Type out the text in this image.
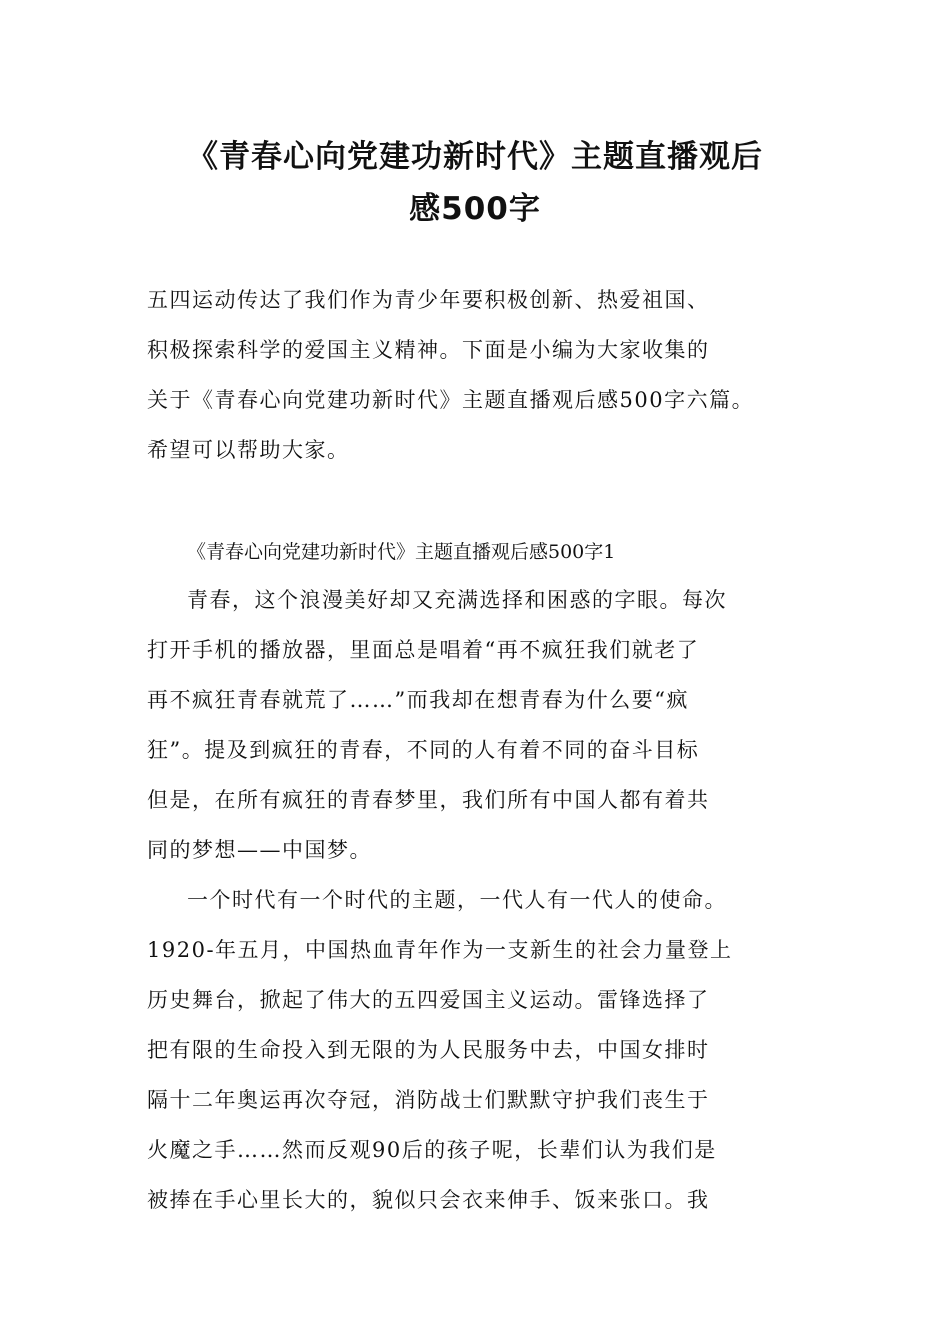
《青春心向党建功新时代》主题直播观后
感500字
五四运动传达了我们作为青少年要积极创新、热爱祖国、
积极探索科学的爱国主义精神。下面是小编为大家收集的
关于《青春心向党建功新时代》主题直播观后感500字六篇。
希望可以帮助大家。
《青春心向党建功新时代》主题直播观后感500字1
青春，这个浪漫美好却又充满选择和困惑的字眼。每次
打开手机的播放器，里面总是唱着“再不疯狂我们就老了
再不疯狂青春就荒了……”而我却在想青春为什么要“疯
狂”。提及到疯狂的青春，不同的人有着不同的奋斗目标
但是，在所有疯狂的青春梦里，我们所有中国人都有着共
同的梦想——中国梦。
一个时代有一个时代的主题，一代人有一代人的使命。
1920-年五月，中国热血青年作为一支新生的社会力量登上
历史舞台，掀起了伟大的五四爱国主义运动。雷锋选择了
把有限的生命投入到无限的为人民服务中去，中国女排时
隔十二年奥运再次夺冠，消防战士们默默守护我们丧生于
火魔之手……然而反观90后的孩子呢，长辈们认为我们是
被捧在手心里长大的，貌似只会衣来伸手、饭来张口。我
